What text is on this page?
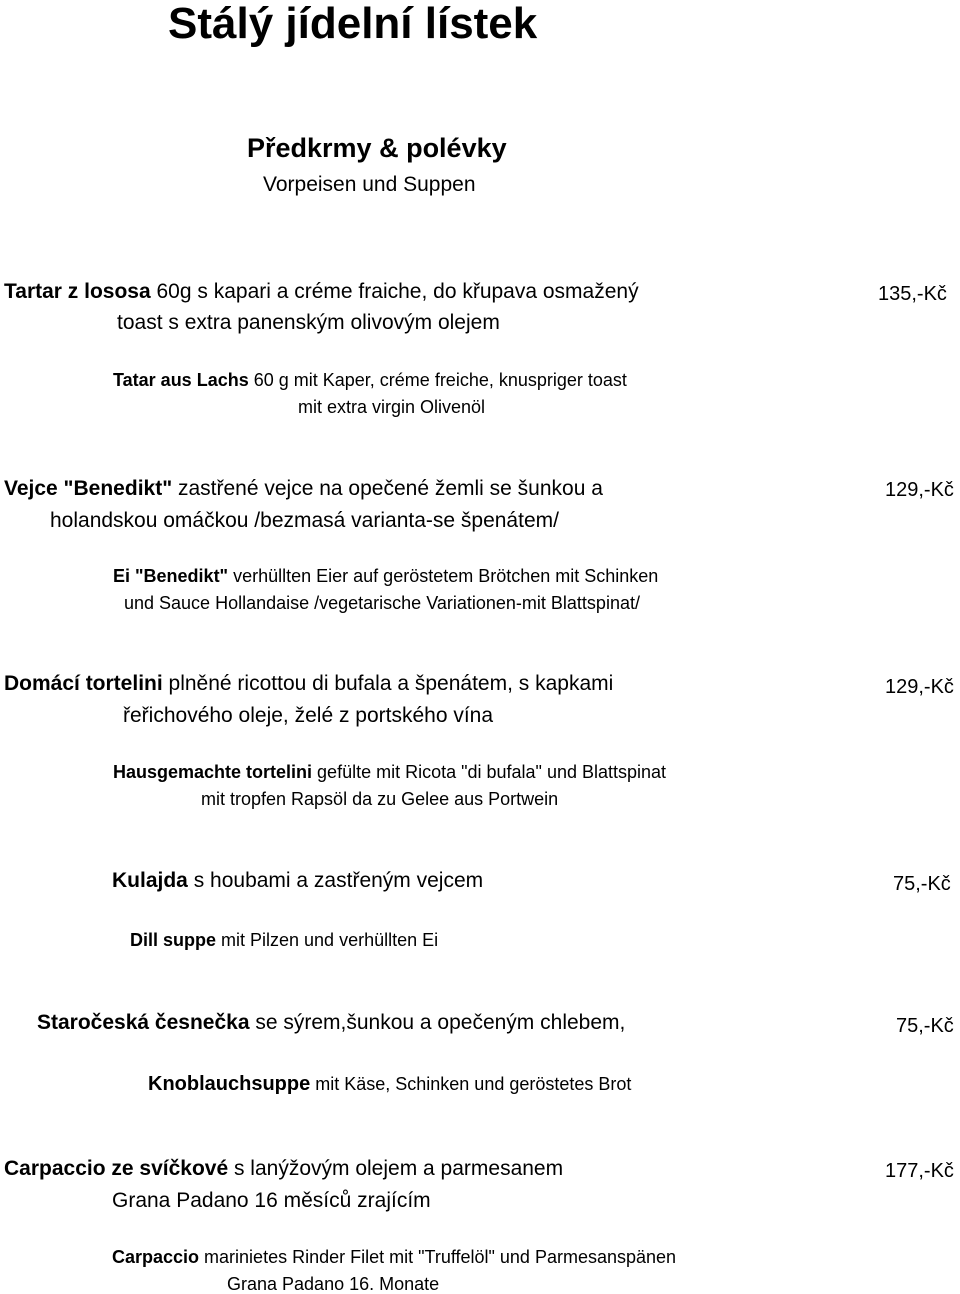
Stálý jídelní lístek
Předkrmy & polévky
Vorpeisen und Suppen
Tartar z lososa 60g s kapari a créme fraiche, do křupava osmažený
toast s extra panenským olivovým olejem
135,-Kč
Tatar aus Lachs 60 g mit Kaper, créme freiche, knuspriger toast
mit extra virgin Olivenöl
Vejce "Benedikt" zastřené vejce na opečené žemli se šunkou a
holandskou omáčkou /bezmasá varianta-se špenátem/
129,-Kč
Ei "Benedikt" verhüllten Eier auf geröstetem Brötchen mit Schinken
und Sauce Hollandaise /vegetarische Variationen-mit Blattspinat/
Domácí tortelini plněné ricottou di bufala a špenátem, s kapkami
řeřichového oleje, želé z portského vína
129,-Kč
Hausgemachte tortelini gefülte mit Ricota "di bufala" und Blattspinat
mit tropfen Rapsöl da zu Gelee aus Portwein
Kulajda s houbami a zastřeným vejcem	75,-Kč
Dill suppe mit Pilzen und verhüllten Ei
Staročeská česnečka se sýrem,šunkou a opečeným chlebem,	75,-Kč
Knoblauchsuppe mit Käse, Schinken und geröstetes Brot
Carpaccio ze svíčkové s lanýžovým olejem a parmesanem
Grana Padano 16 měsíců zrajícím
177,-Kč
Carpaccio marinietes Rinder Filet mit "Truffelöl" und Parmesanspänen
Grana Padano 16. Monate
